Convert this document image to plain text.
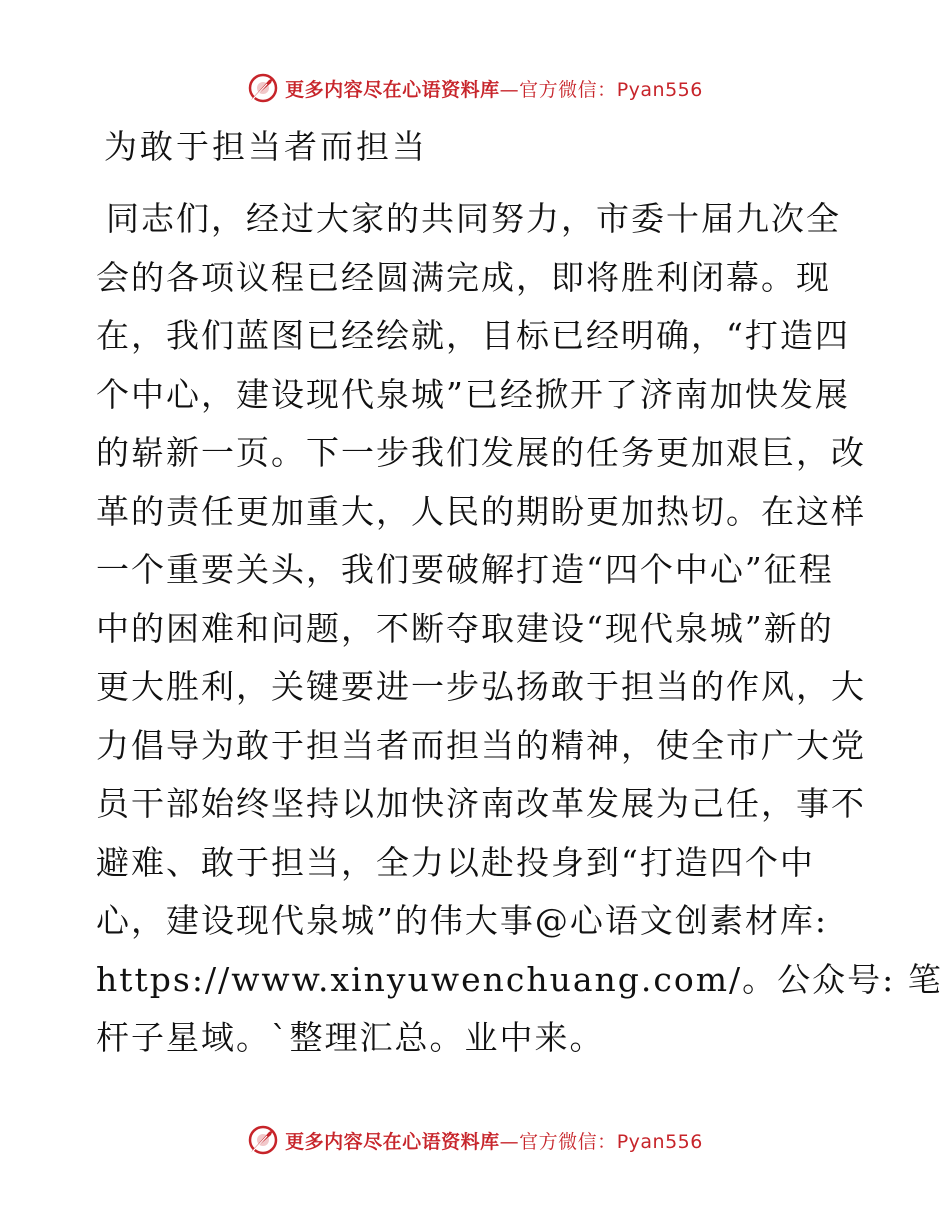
更多内容尽在心语资料库—官方微信：Pyan556
为敢于担当者而担当
同志们，经过大家的共同努力，市委十届九次全
会的各项议程已经圆满完成，即将胜利闭幕。现
在，我们蓝图已经绘就，目标已经明确，“打造四
个中心，建设现代泉城”已经掀开了济南加快发展
的崭新一页。下一步我们发展的任务更加艰巨，改
革的责任更加重大，人民的期盼更加热切。在这样
一个重要关头，我们要破解打造“四个中心”征程
中的困难和问题，不断夺取建设“现代泉城”新的
更大胜利，关键要进一步弘扬敢于担当的作风，大
力倡导为敢于担当者而担当的精神，使全市广大党
员干部始终坚持以加快济南改革发展为己任，事不
避难、敢于担当，全力以赴投身到“打造四个中
心，建设现代泉城”的伟大事@心语文创素材库:
https://www.xinyuwenchuang.com/。公众号: 笔
杆子星域。`整理汇总。业中来。
更多内容尽在心语资料库—官方微信：Pyan556
